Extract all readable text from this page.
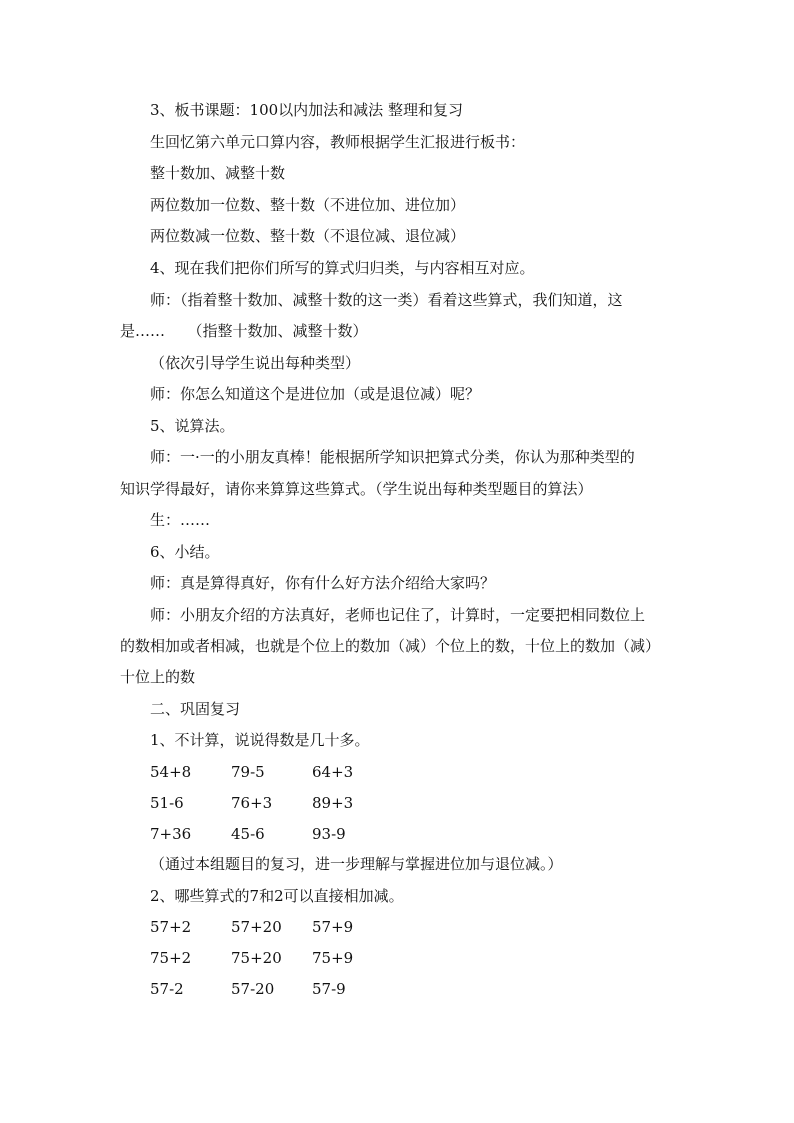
3、板书课题：100以内加法和减法 整理和复习
生回忆第六单元口算内容，教师根据学生汇报进行板书：
整十数加、减整十数
两位数加一位数、整十数（不进位加、进位加）
两位数减一位数、整十数（不退位减、退位减）
4、现在我们把你们所写的算式归归类，与内容相互对应。
师：（指着整十数加、减整十数的这一类）看着这些算式，我们知道，这
是……　　（指整十数加、减整十数）
（依次引导学生说出每种类型）
师：你怎么知道这个是进位加（或是退位减）呢？
5、说算法。
师：一·一的小朋友真棒！能根据所学知识把算式分类，你认为那种类型的
知识学得最好，请你来算算这些算式。（学生说出每种类型题目的算法）
生：……
6、小结。
师：真是算得真好，你有什么好方法介绍给大家吗？
师：小朋友介绍的方法真好，老师也记住了，计算时，一定要把相同数位上
的数相加或者相减，也就是个位上的数加（减）个位上的数，十位上的数加（减）
十位上的数
二、巩固复习
1、不计算，说说得数是几十多。
54+8	79-5	64+3
51-6	76+3	89+3
7+36	45-6	93-9
（通过本组题目的复习，进一步理解与掌握进位加与退位减。）
2、哪些算式的7和2可以直接相加减。
57+2	57+20 57+9
75+2	75+20 75+9
57-2	57-20	57-9
